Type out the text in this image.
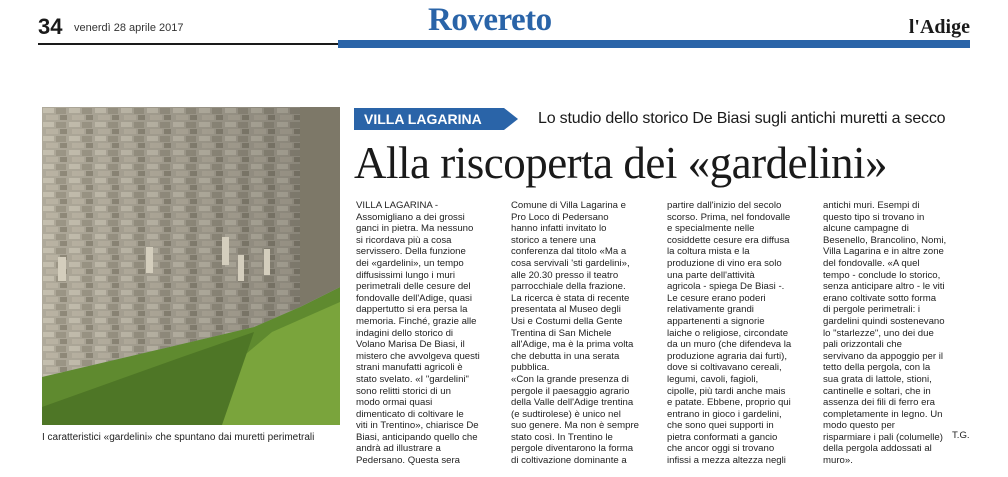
34 venerdì 28 aprile 2017	Rovereto	l'Adige
I caratteristici «gardelini» che spuntano dai muretti perimetrali
VILLA LAGARINA	Lo studio dello storico De Biasi sugli antichi muretti a secco
Alla riscoperta dei «gardelini»

VILLA LAGARINA -

Assomigliano a dei grossi

ganci in pietra. Ma nessuno

si ricordava più a cosa

servissero. Della funzione

dei «gardelini», un tempo

diffusissimi lungo i muri

perimetrali delle cesure del

fondovalle dell'Adige, quasi

dappertutto si era persa la

memoria. Finché, grazie alle

indagini dello storico di

Volano Marisa De Biasi, il

mistero che avvolgeva questi

strani manufatti agricoli è

stato svelato. «I "gardelini"

sono relitti storici di un

modo ormai quasi

dimenticato di coltivare le

viti in Trentino», chiarisce De

Biasi, anticipando quello che

andrà ad illustrare a

Pedersano. Questa sera

Comune di Villa Lagarina e

Pro Loco di Pedersano

hanno infatti invitato lo

storico a tenere una

conferenza dal titolo «Ma a

cosa servivali 'sti gardelini»,

alle 20.30 presso il teatro

parrocchiale della frazione.

La ricerca è stata di recente

presentata al Museo degli

Usi e Costumi della Gente

Trentina di San Michele

all'Adige, ma è la prima volta

che debutta in una serata

pubblica.

«Con la grande presenza di

pergole il paesaggio agrario

della Valle dell'Adige trentina

(e sudtirolese) è unico nel

suo genere. Ma non è sempre

stato così. In Trentino le

pergole diventarono la forma

di coltivazione dominante a

partire dall'inizio del secolo

scorso. Prima, nel fondovalle

e specialmente nelle

cosiddette cesure era diffusa

la coltura mista e la

produzione di vino era solo

una parte dell'attività

agricola - spiega De Biasi -.

Le cesure erano poderi

relativamente grandi

appartenenti a signorie

laiche o religiose, circondate

da un muro (che difendeva la

produzione agraria dai furti),

dove si coltivavano cereali,

legumi, cavoli, fagioli,

cipolle, più tardi anche mais

e patate. Ebbene, proprio qui

entrano in gioco i gardelini,

che sono quei supporti in

pietra conformati a gancio

che ancor oggi si trovano

infissi a mezza altezza negli

antichi muri. Esempi di

questo tipo si trovano in

alcune campagne di

Besenello, Brancolino, Nomi,

Villa Lagarina e in altre zone

del fondovalle. «A quel

tempo - conclude lo storico,

senza anticipare altro - le viti

erano coltivate sotto forma

di pergole perimetrali: i

gardelini quindi sostenevano

lo "starlezze", uno dei due

pali orizzontali che

servivano da appoggio per il

tetto della pergola, con la

sua grata di lattole, stioni,

cantinelle e soltari, che in

assenza dei fili di ferro era

completamente in legno. Un

modo questo per

risparmiare i pali (columelle)

della pergola addossati al

muro».

T.G.
